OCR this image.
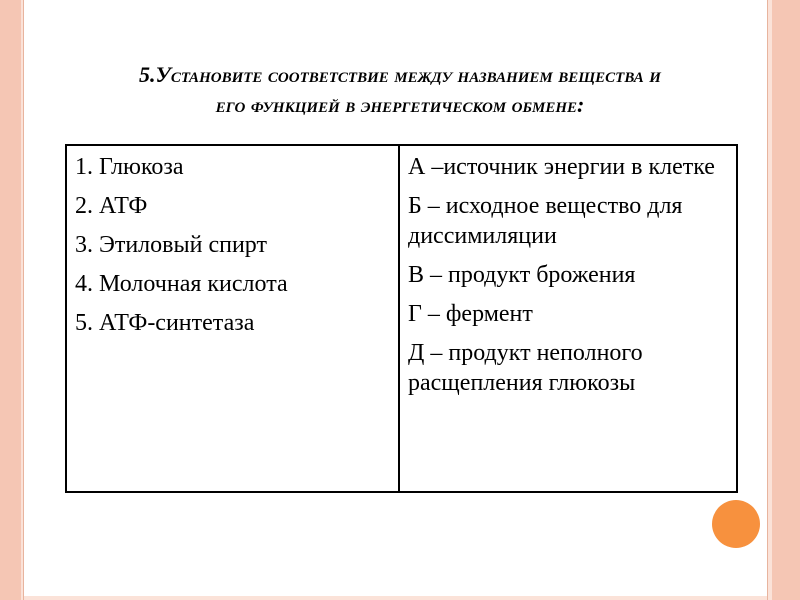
5.Установите соответствие между названием вещества и
его функцией в энергетическом обмене:
1. Глюкоза
2. АТФ
3. Этиловый спирт
4. Молочная кислота
5. АТФ-синтетаза
А –источник энергии в клетке
Б – исходное вещество для диссимиляции
В – продукт брожения
Г – фермент
Д – продукт неполного расщепления глюкозы
